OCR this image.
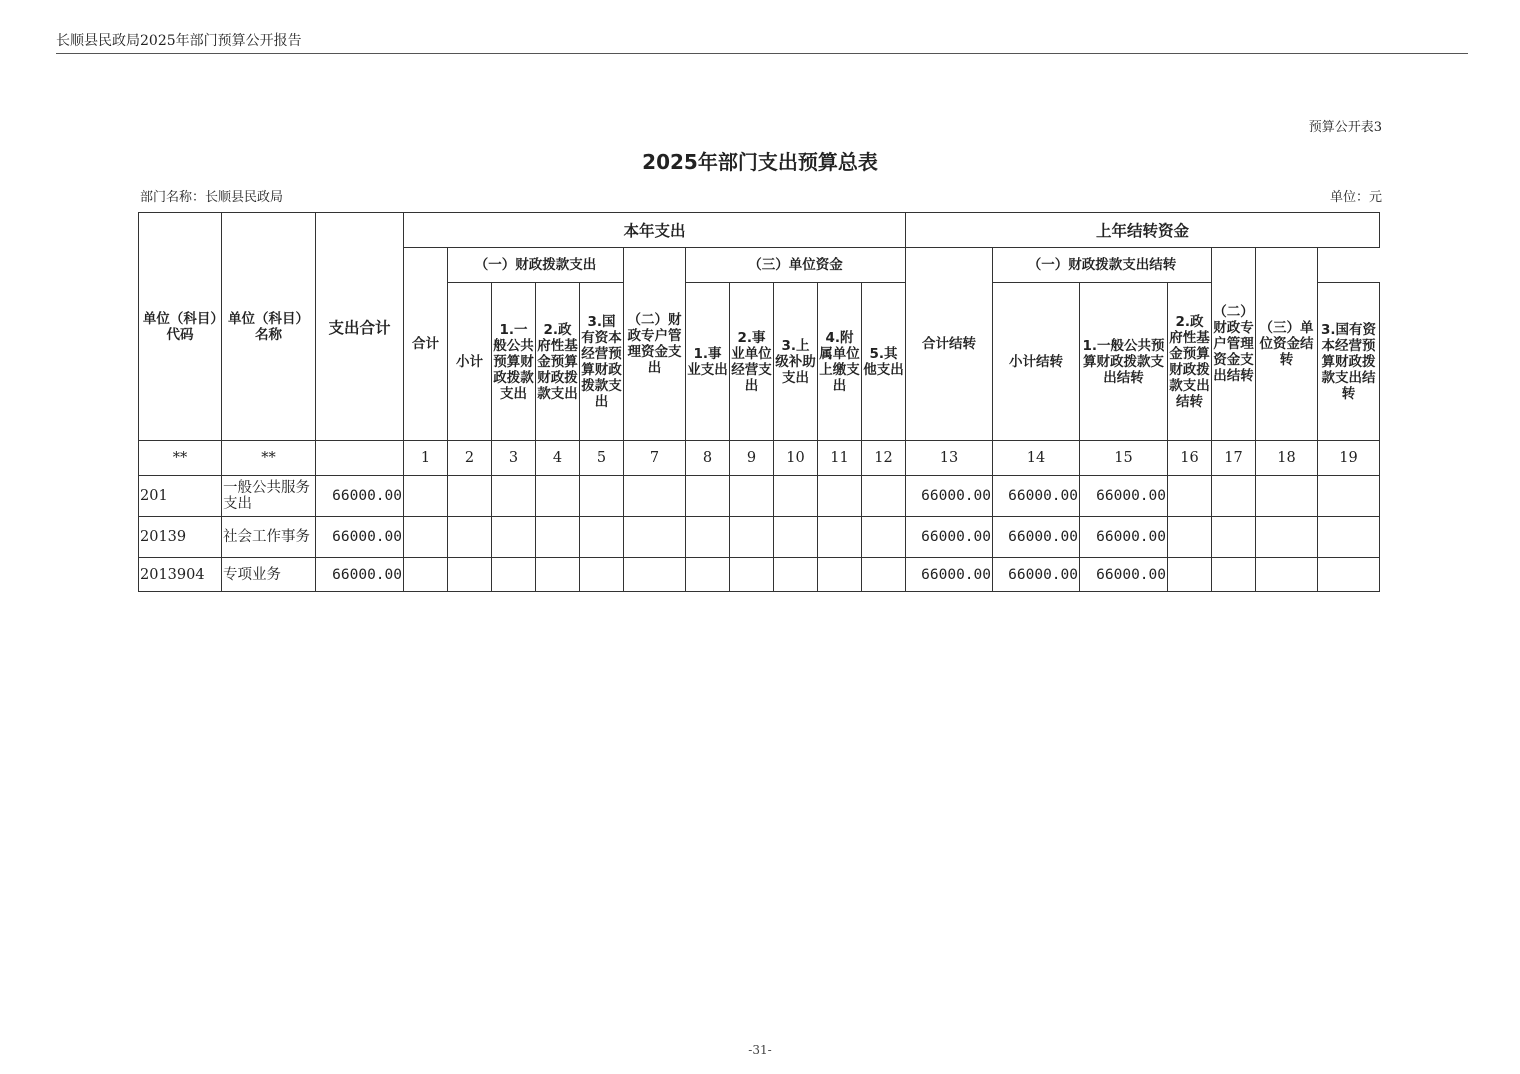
长顺县民政局2025年部门预算公开报告
预算公开表3
2025年部门支出预算总表
部门名称：长顺县民政局	单位：元
单位（科目）代码	单位（科目）名称	支出合计	本年支出											上年结转资金						
			合计	（一）财政拨款支出				（二）财政专户管理资金支出	（三）单位资金					合计结转	（一）财政拨款支出结转			（二）财政专户管理资金支出结转	（三）单位资金结转	
				小计	1.一般公共预算财政拨款支出	2.政府性基金预算财政拨款支出	3.国有资本经营预算财政拨款支出		1.事业支出	2.事业单位经营支出	3.上级补助支出	4.附属单位上缴支出	5.其他支出		小计结转	1.一般公共预算财政拨款支出结转	2.政府性基金预算财政拨款支出结转			3.国有资本经营预算财政拨款支出结转
**	**		1	2	3	4	5	7	8	9	10	11	12	13	14	15	16	17	18	19
201	一般公共服务支出	66000.00												66000.00	66000.00	66000.00				
20139	社会工作事务	66000.00												66000.00	66000.00	66000.00				
2013904	专项业务	66000.00												66000.00	66000.00	66000.00				
-31-
